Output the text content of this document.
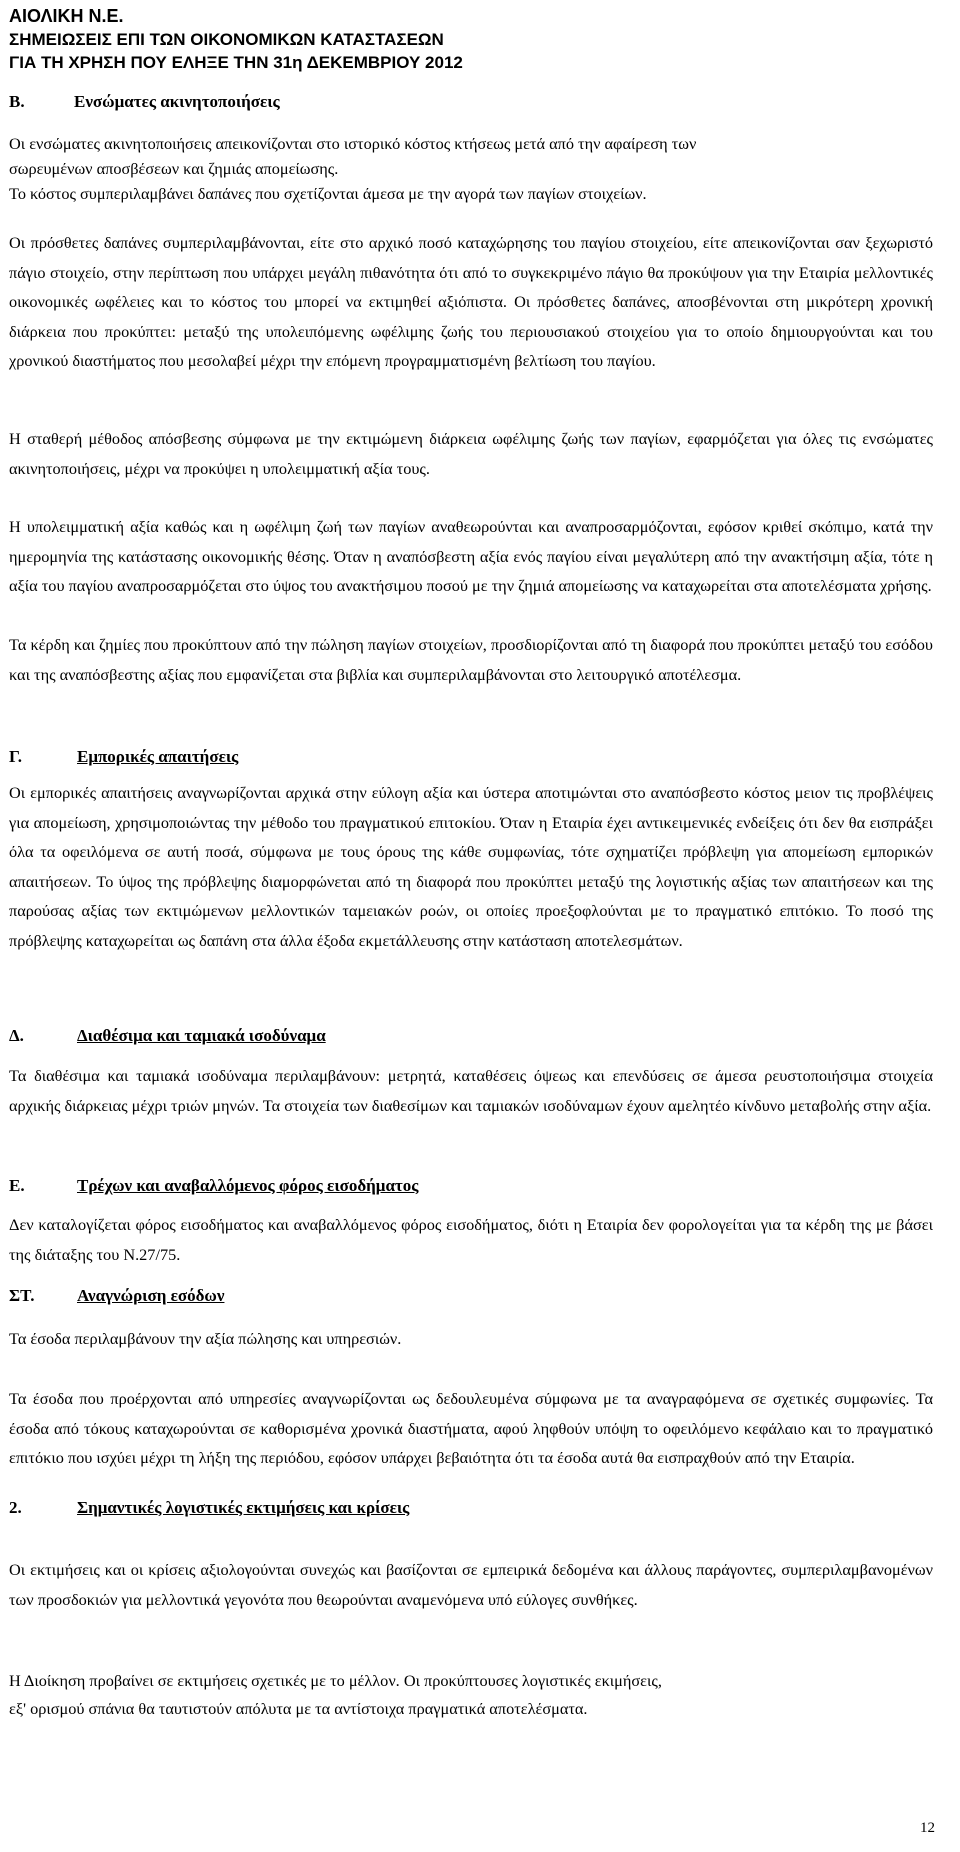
ΑΙΟΛΙΚΗ Ν.Ε.
ΣΗΜΕΙΩΣΕΙΣ ΕΠΙ ΤΩΝ ΟΙΚΟΝΟΜΙΚΩΝ ΚΑΤΑΣΤΑΣΕΩΝ
ΓΙΑ ΤΗ ΧΡΗΣΗ ΠΟΥ ΕΛΗΞΕ ΤΗΝ 31η ΔΕΚΕΜΒΡΙΟΥ 2012
Β.	Ενσώματες ακινητοποιήσεις

Οι ενσώματες ακινητοποιήσεις απεικονίζονται στο ιστορικό κόστος κτήσεως μετά από την αφαίρεση των

σωρευμένων αποσβέσεων και ζημιάς απομείωσης.

Το κόστος συμπεριλαμβάνει δαπάνες που σχετίζονται άμεσα με την αγορά των παγίων στοιχείων.

Οι πρόσθετες δαπάνες συμπεριλαμβάνονται, είτε στο αρχικό ποσό καταχώρησης του παγίου στοιχείου, είτε απεικονίζονται σαν ξεχωριστό πάγιο στοιχείο, στην περίπτωση που υπάρχει μεγάλη πιθανότητα ότι από το συγκεκριμένο πάγιο θα προκύψουν για την Εταιρία μελλοντικές οικονομικές ωφέλειες και το κόστος του μπορεί να εκτιμηθεί αξιόπιστα. Οι πρόσθετες δαπάνες, αποσβένονται στη μικρότερη χρονική διάρκεια που προκύπτει: μεταξύ της υπολειπόμενης ωφέλιμης ζωής του περιουσιακού στοιχείου για το οποίο δημιουργούνται και του χρονικού διαστήματος που μεσολαβεί μέχρι την επόμενη προγραμματισμένη βελτίωση του παγίου.

Η σταθερή μέθοδος απόσβεσης σύμφωνα με την εκτιμώμενη διάρκεια ωφέλιμης ζωής των παγίων, εφαρμόζεται για όλες τις ενσώματες ακινητοποιήσεις, μέχρι να προκύψει η υπολειμματική αξία τους.

Η υπολειμματική αξία καθώς και η ωφέλιμη ζωή των παγίων αναθεωρούνται και αναπροσαρμόζονται, εφόσον κριθεί σκόπιμο, κατά την ημερομηνία της κατάστασης οικονομικής θέσης. Όταν η αναπόσβεστη αξία ενός παγίου είναι μεγαλύτερη από την ανακτήσιμη αξία, τότε η αξία του παγίου αναπροσαρμόζεται στο ύψος του ανακτήσιμου ποσού με την ζημιά απομείωσης να καταχωρείται στα αποτελέσματα χρήσης.

Τα κέρδη και ζημίες που προκύπτουν από την πώληση παγίων στοιχείων, προσδιορίζονται από τη διαφορά που προκύπτει μεταξύ του εσόδου και της αναπόσβεστης αξίας που εμφανίζεται στα βιβλία και συμπεριλαμβάνονται στο λειτουργικό αποτέλεσμα.

Γ.	Εμπορικές απαιτήσεις

Οι εμπορικές απαιτήσεις αναγνωρίζονται αρχικά στην εύλογη αξία και ύστερα αποτιμώνται στο αναπόσβεστο κόστος μειον τις προβλέψεις για απομείωση, χρησιμοποιώντας την μέθοδο του πραγματικού επιτοκίου. Όταν η Εταιρία έχει αντικειμενικές ενδείξεις ότι δεν θα εισπράξει όλα τα οφειλόμενα σε αυτή ποσά, σύμφωνα με τους όρους της κάθε συμφωνίας, τότε σχηματίζει πρόβλεψη για απομείωση εμπορικών απαιτήσεων. Το ύψος της πρόβλεψης διαμορφώνεται από τη διαφορά που προκύπτει μεταξύ της λογιστικής αξίας των απαιτήσεων και της παρούσας αξίας των εκτιμώμενων μελλοντικών ταμειακών ροών, οι οποίες προεξοφλούνται με το πραγματικό επιτόκιο. Το ποσό της πρόβλεψης καταχωρείται ως δαπάνη στα άλλα έξοδα εκμετάλλευσης στην κατάσταση αποτελεσμάτων.

Δ.	Διαθέσιμα και ταμιακά ισοδύναμα

Τα διαθέσιμα και ταμιακά ισοδύναμα περιλαμβάνουν: μετρητά, καταθέσεις όψεως και επενδύσεις σε άμεσα ρευστοποιήσιμα στοιχεία αρχικής διάρκειας μέχρι τριών μηνών. Τα στοιχεία των διαθεσίμων και ταμιακών ισοδύναμων έχουν αμελητέο κίνδυνο μεταβολής στην αξία.

Ε.	Τρέχων και αναβαλλόμενος φόρος εισοδήματος

Δεν καταλογίζεται φόρος εισοδήματος και αναβαλλόμενος φόρος εισοδήματος, διότι η Εταιρία δεν φορολογείται για τα κέρδη της με βάσει της διάταξης του Ν.27/75.

ΣΤ.	Αναγνώριση εσόδων

Τα έσοδα περιλαμβάνουν την αξία πώλησης και υπηρεσιών.

Τα έσοδα που προέρχονται από υπηρεσίες αναγνωρίζονται ως δεδουλευμένα σύμφωνα με τα αναγραφόμενα σε σχετικές συμφωνίες. Τα έσοδα από τόκους καταχωρούνται σε καθορισμένα χρονικά διαστήματα, αφού ληφθούν υπόψη το οφειλόμενο κεφάλαιο και το πραγματικό επιτόκιο που ισχύει μέχρι τη λήξη της περιόδου, εφόσον υπάρχει βεβαιότητα ότι τα έσοδα αυτά θα εισπραχθούν από την Εταιρία.

2.	Σημαντικές λογιστικές εκτιμήσεις και κρίσεις

Οι εκτιμήσεις και οι κρίσεις αξιολογούνται συνεχώς και βασίζονται σε εμπειρικά δεδομένα και άλλους παράγοντες, συμπεριλαμβανομένων των προσδοκιών για μελλοντικά γεγονότα που θεωρούνται αναμενόμενα υπό εύλογες συνθήκες.

Η Διοίκηση προβαίνει σε εκτιμήσεις σχετικές με το μέλλον. Οι προκύπτουσες λογιστικές εκιμήσεις,

εξ' ορισμού σπάνια θα ταυτιστούν απόλυτα με τα αντίστοιχα πραγματικά αποτελέσματα.

12
